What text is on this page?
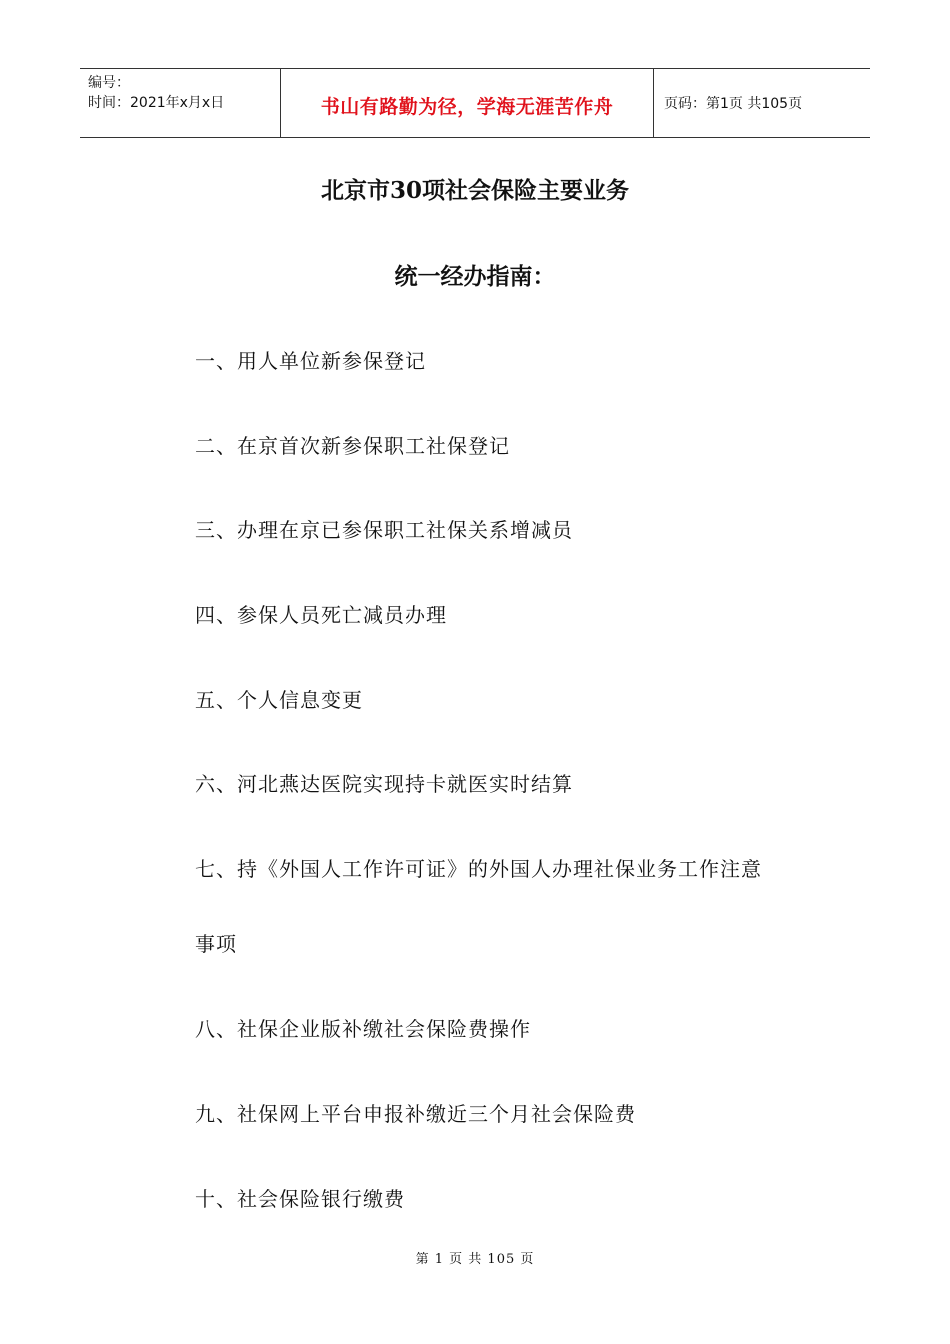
编号：
时间：2021年x月x日	书山有路勤为径，学海无涯苦作舟	页码：第1页 共105页
北京市30项社会保险主要业务
统一经办指南：
一、用人单位新参保登记
二、在京首次新参保职工社保登记
三、办理在京已参保职工社保关系增减员
四、参保人员死亡减员办理
五、个人信息变更
六、河北燕达医院实现持卡就医实时结算
七、持《外国人工作许可证》的外国人办理社保业务工作注意
事项
八、社保企业版补缴社会保险费操作
九、社保网上平台申报补缴近三个月社会保险费
十、社会保险银行缴费
第 1 页 共 105 页
